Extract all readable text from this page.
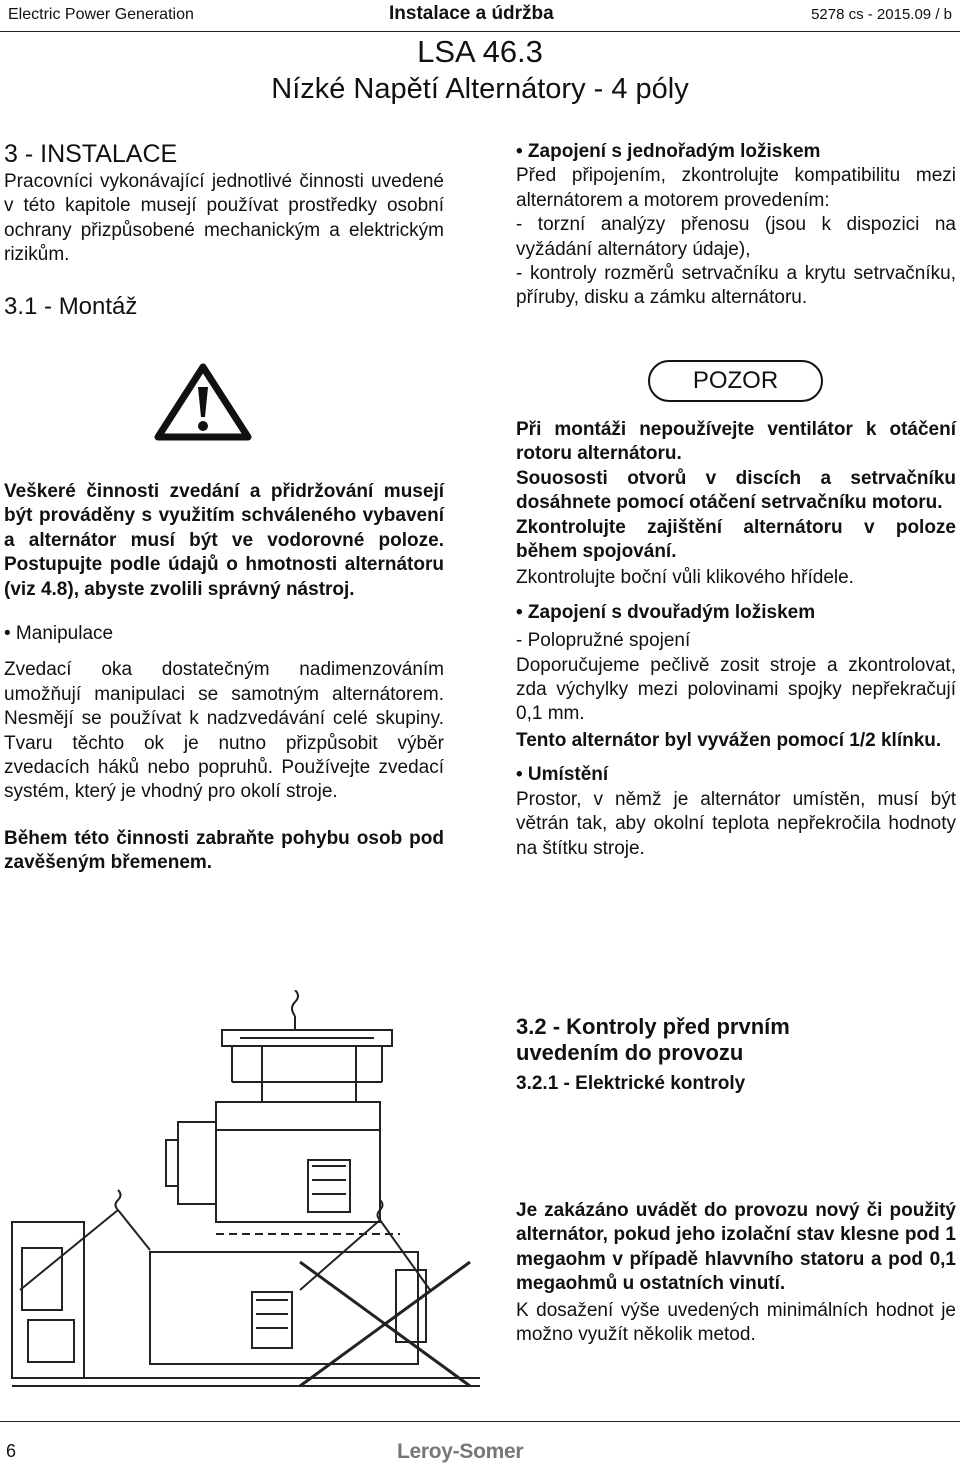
Electric Power Generation	Instalace a údržba	5278 cs - 2015.09 / b
LSA 46.3
Nízké Napětí Alternátory - 4 póly

3 - INSTALACE

Pracovníci vykonávající jednotlivé činnosti uvedené v této kapitole musejí používat prostředky osobní ochrany přizpůsobené mechanickým a elektrickým rizikům.

3.1 - Montáž

Veškeré činnosti zvedání a přidržování musejí být prováděny s využitím schváleného vybavení a alternátor musí být ve vodorovné poloze. Postupujte podle údajů o hmotnosti alternátoru (viz 4.8), abyste zvolili správný nástroj.

• Manipulace

Zvedací oka dostatečným nadimenzováním umožňují manipulaci se samotným alternátorem. Nesmějí se používat k nadzvedávání celé skupiny. Tvaru těchto ok je nutno přizpůsobit výběr zvedacích háků nebo popruhů. Používejte zvedací systém, který je vhodný pro okolí stroje.

Během této činnosti zabraňte pohybu osob pod zavěšeným břemenem.

• Zapojení s jednořadým ložiskem

Před připojením, zkontrolujte kompatibilitu mezi alternátorem a motorem provedením:

- torzní analýzy přenosu (jsou k dispozici na vyžádání alternátory údaje),

- kontroly rozměrů setrvačníku a krytu setrvačníku, příruby, disku a zámku alternátoru.

POZOR

Při montáži nepoužívejte ventilátor k otáčení rotoru alternátoru.

Souososti otvorů v discích a setrvačníku dosáhnete pomocí otáčení setrvačníku motoru.

Zkontrolujte zajištění alternátoru v poloze během spojování.

Zkontrolujte boční vůli klikového hřídele.

• Zapojení s dvouřadým ložiskem

- Polopružné spojení

Doporučujeme pečlivě zosit stroje a zkontrolovat, zda výchylky mezi polovinami spojky nepřekračují 0,1 mm.

Tento alternátor byl vyvážen pomocí 1/2 klínku.

• Umístění

Prostor, v němž je alternátor umístěn, musí být větrán tak, aby okolní teplota nepřekročila hodnoty na štítku stroje.

3.2 - Kontroly před prvním uvedením do provozu

3.2.1 - Elektrické kontroly

Je zakázáno uvádět do provozu nový či použitý alternátor, pokud jeho izolační stav klesne pod 1 megaohm v případě hlavvního statoru a pod 0,1 megaohmů u ostatních vinutí.

K dosažení výše uvedených minimálních hodnot je možno využít několik metod.

6	Leroy-Somer
